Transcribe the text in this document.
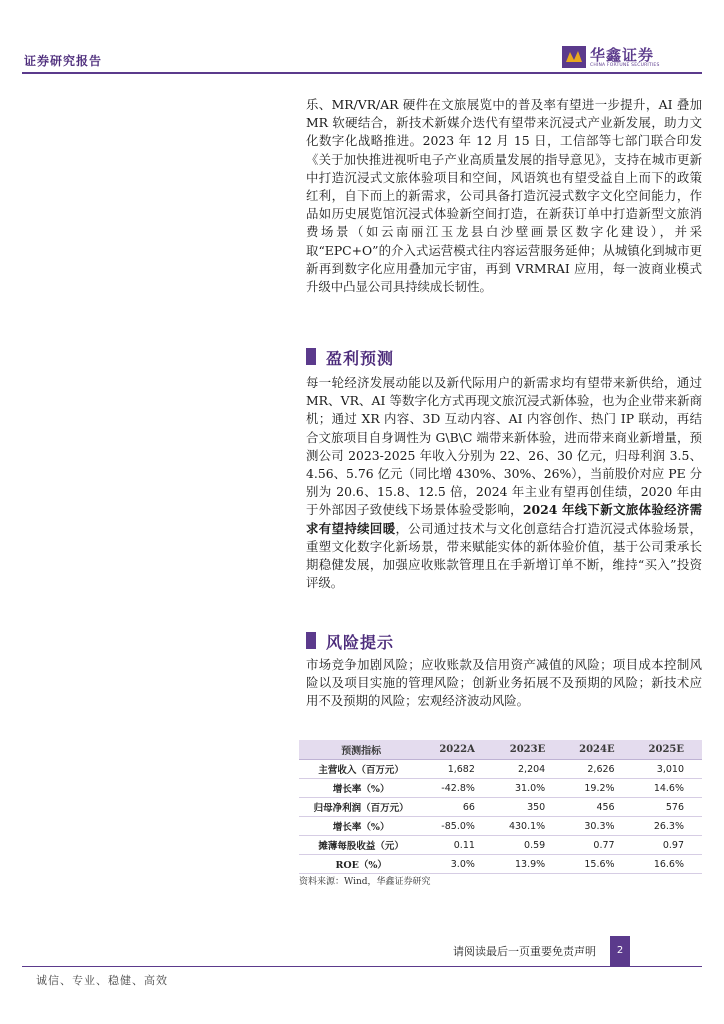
证券研究报告	华鑫证券
CHINA FORTUNE SECURITIES

乐、MR/VR/AR 硬件在文旅展览中的普及率有望进一步提升，AI 叠加 MR 软硬结合，新技术新媒介迭代有望带来沉浸式产业新发展，助力文化数字化战略推进。2023 年 12 月 15 日，工信部等七部门联合印发《关于加快推进视听电子产业高质量发展的指导意见》，支持在城市更新中打造沉浸式文旅体验项目和空间，风语筑也有望受益自上而下的政策红利，自下而上的新需求，公司具备打造沉浸式数字文化空间能力，作品如历史展览馆沉浸式体验新空间打造，在新获订单中打造新型文旅消费场景（如云南丽江玉龙县白沙壁画景区数字化建设），并采取“EPC+O”的介入式运营模式往内容运营服务延伸；从城镇化到城市更新再到数字化应用叠加元宇宙，再到 VRMRAI 应用，每一波商业模式升级中凸显公司具持续成长韧性。

盈利预测

每一轮经济发展动能以及新代际用户的新需求均有望带来新供给，通过 MR、VR、AI 等数字化方式再现文旅沉浸式新体验，也为企业带来新商机；通过 XR 内容、3D 互动内容、AI 内容创作、热门 IP 联动，再结合文旅项目自身调性为 G\B\C 端带来新体验，进而带来商业新增量，预测公司 2023-2025 年收入分别为 22、26、30 亿元，归母利润 3.5、4.56、5.76 亿元（同比增 430%、30%、26%），当前股价对应 PE 分别为 20.6、15.8、12.5 倍，2024 年主业有望再创佳绩，2020 年由于外部因子致使线下场景体验受影响，2024 年线下新文旅体验经济需求有望持续回暖，公司通过技术与文化创意结合打造沉浸式体验场景，重塑文化数字化新场景，带来赋能实体的新体验价值，基于公司秉承长期稳健发展，加强应收账款管理且在手新增订单不断，维持“买入”投资评级。

风险提示

市场竞争加剧风险；应收账款及信用资产减值的风险；项目成本控制风险以及项目实施的管理风险；创新业务拓展不及预期的风险；新技术应用不及预期的风险；宏观经济波动风险。

预测指标	2022A	2023E	2024E	2025E
主营收入（百万元）	1,682	2,204	2,626	3,010
增长率（%）	-42.8%	31.0%	19.2%	14.6%
归母净利润（百万元）	66	350	456	576
增长率（%）	-85.0%	430.1%	30.3%	26.3%
摊薄每股收益（元）	0.11	0.59	0.77	0.97
ROE（%）	3.0%	13.9%	15.6%	16.6%
资料来源：Wind，华鑫证券研究
请阅读最后一页重要免责声明	2
诚信、专业、稳健、高效
